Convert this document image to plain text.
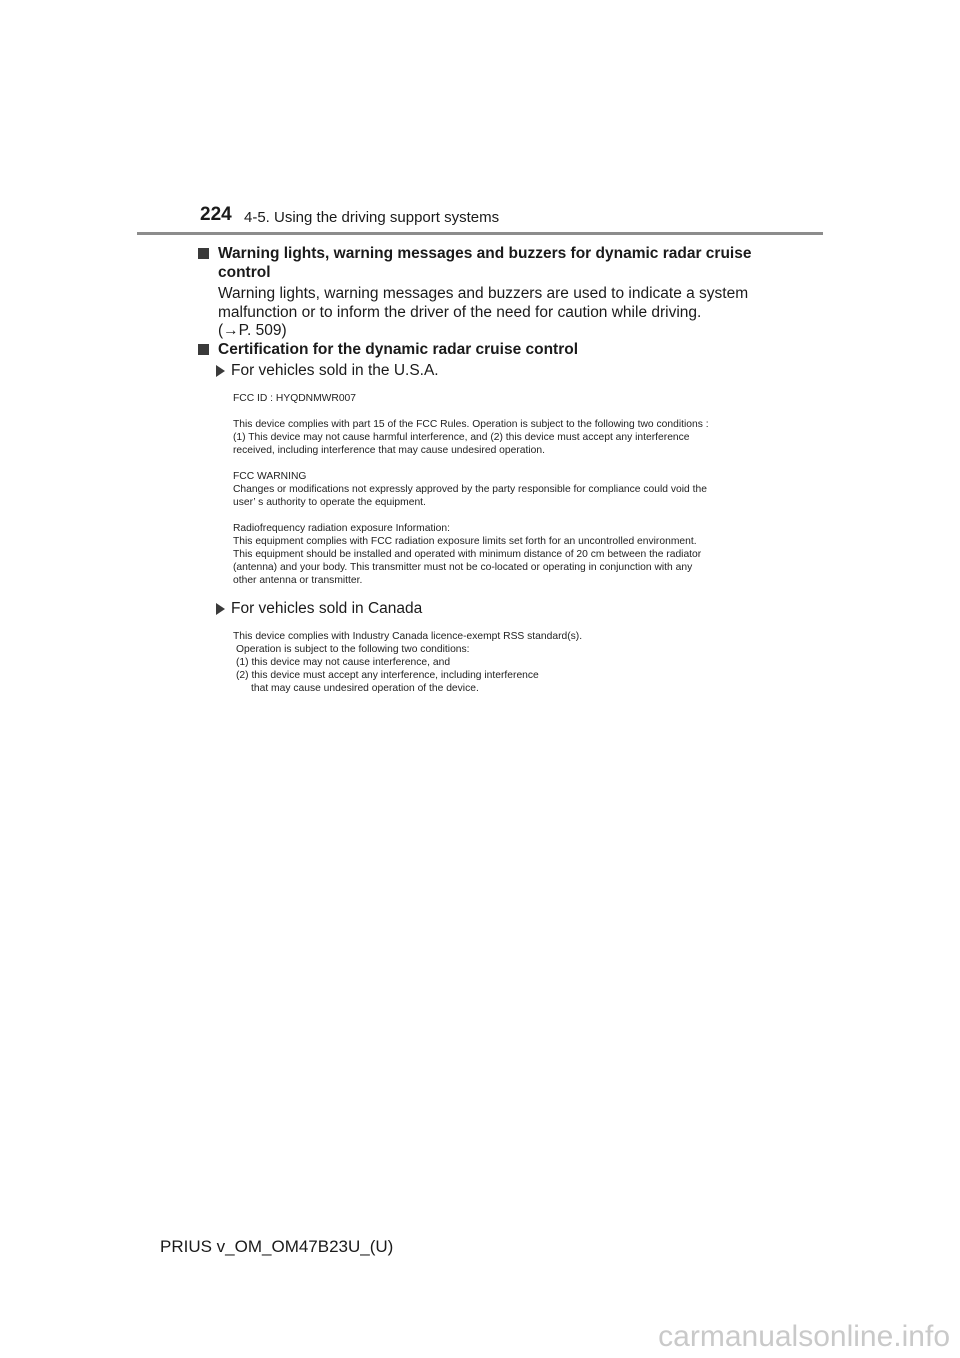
224 4-5. Using the driving support systems
Warning lights, warning messages and buzzers for dynamic radar cruise
control
Warning lights, warning messages and buzzers are used to indicate a system
malfunction or to inform the driver of the need for caution while driving.
(→P. 509)
Certification for the dynamic radar cruise control
For vehicles sold in the U.S.A.

FCC ID : HYQDNMWR007

This device complies with part 15 of the FCC Rules. Operation is subject to the following two conditions :

(1) This device may not cause harmful interference, and (2) this device must accept any interference

received, including interference that may cause undesired operation.

FCC WARNING

Changes or modifications not expressly approved by the party responsible for compliance could void the

user’ s authority to operate the equipment.

Radiofrequency radiation exposure Information:

This equipment complies with FCC radiation exposure limits set forth for an uncontrolled environment.

This equipment should be installed and operated with minimum distance of 20 cm between the radiator

(antenna) and your body. This transmitter must not be co-located or operating in conjunction with any

other antenna or transmitter.

For vehicles sold in Canada

This device complies with Industry Canada licence-exempt RSS standard(s).

Operation is subject to the following two conditions:

(1) this device may not cause interference, and

(2) this device must accept any interference, including interference

that may cause undesired operation of the device.

PRIUS v_OM_OM47B23U_(U)
carmanualsonline.info
